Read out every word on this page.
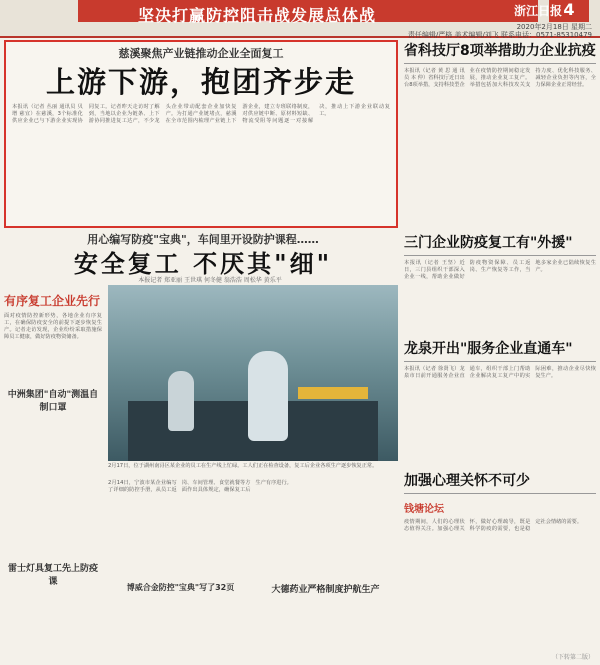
坚决打赢防控阻击战发展总体战	4
浙江日报
2020年2月18日 星期二
责任编辑/严格 美术编辑/刘飞 联系电话：0571-85310479
慈溪聚焦产业链推动企业全面复工
上游下游，抱团齐步走
本报讯（记者 丛丽 通讯员 贝增 慈宜）在慈溪，3个标准化供应企业已与下游企业实现协同复工。记者昨天走访时了解到，当地以企业为链条、上下游协同推进复工达产，不少龙头企业带动配套企业加快复产。为打通产业链堵点，慈溪在全市范围内梳理产业链上下游企业，建立专班联络制度，对供应链中断、原材料短缺、物流受阻等问题逐一对接解决，推动上下游企业联动复工。
省科技厅8项举措助力企业抗疫
本报讯（记者 黄 思 通 讯 员 本 仲）省科技厅近日出台8项举措，支持科技型企业在疫情防控期间稳定发展，推动企业复工复产。举措包括加大科技攻关支持力度、优化科技服务、减轻企业负担等内容，全力保障企业正常经营。
三门企业防疫复工有"外援"
本报讯（记者 王坚）近日，三门县组织干部深入企业一线，帮助企业做好防疫物资保障、员工返岗、生产恢复等工作，当地多家企业已陆续恢复生产。
龙泉开出"服务企业直通车"
本报讯（记者 徐贤飞）龙泉市日前开通服务企业直通车，组织干部上门帮助企业解决复工复产中的实际困难，推动企业尽快恢复生产。
加强心理关怀不可少
钱塘论坛
疫情期间，人们的心理状态值得关注。加强心理关怀，做好心理疏导，既是科学防疫的需要，也是稳定社会情绪的需要。
用心编写防疫"宝典"，车间里开设防护课程……
安全复工 不厌其"细"
本报记者 郑亚丽 王世琪 何冬健 翁浩浩 周松华 黄乐平
2月17日，位于湖州南浔区某企业的员工在生产线上忙碌。工人们正在检查设备，复工后企业各项生产逐步恢复正常。
有序复工企业先行
面对疫情防控新形势，各地企业有序复工，在确保防疫安全的前提下逐步恢复生产。记者走访发现，企业纷纷采取措施保障员工健康，做好防疫物资储备。
中洲集团"自动"测温自制口罩
雷士灯具复工先上防疫课
2月14日，宁波市某企业编写了详细的防控手册，从员工返岗、车间管理、食堂就餐等方面作出具体规定，确保复工后生产有序进行。
博威合金防控"宝典"写了32页	大德药业严格制度护航生产
（下转第二版）
